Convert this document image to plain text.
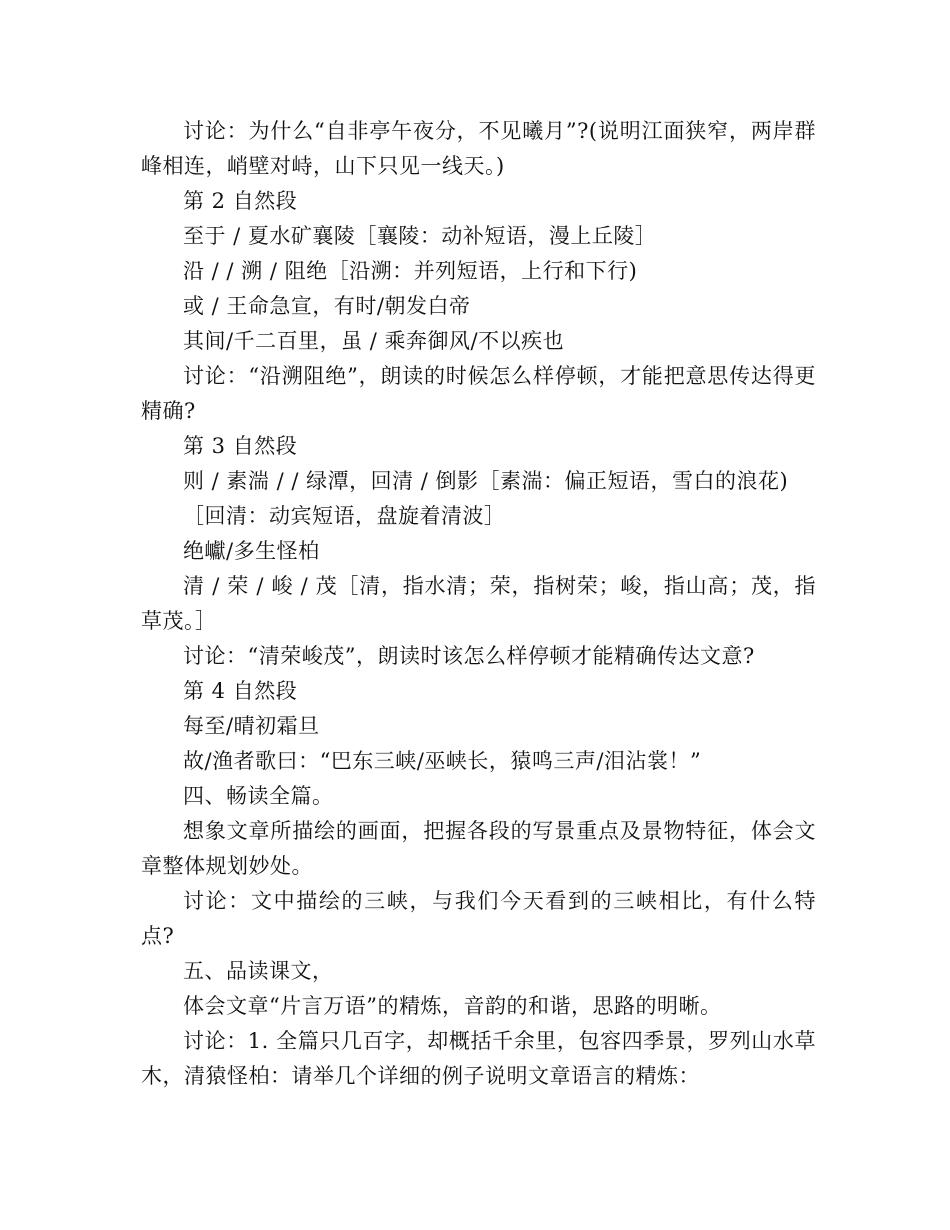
讨论：为什么“自非亭午夜分，不见曦月”?(说明江面狭窄，两岸群峰相连，峭壁对峙，山下只见一线天。)

第 2 自然段

至于 / 夏水矿襄陵［襄陵：动补短语，漫上丘陵］

沿 / / 溯 / 阻绝［沿溯：并列短语，上行和下行)

或 / 王命急宣，有时/朝发白帝

其间/千二百里，虽 / 乘奔御风/不以疾也

讨论：“沿溯阻绝”，朗读的时候怎么样停顿，才能把意思传达得更精确?

第 3 自然段

则 / 素湍 / / 绿潭，回清 / 倒影［素湍：偏正短语，雪白的浪花)

［回清：动宾短语，盘旋着清波］

绝巘/多生怪柏

清 / 荣 / 峻 / 茂［清，指水清；荣，指树荣；峻，指山高；茂，指草茂。］

讨论：“清荣峻茂”，朗读时该怎么样停顿才能精确传达文意?

第 4 自然段

每至/晴初霜旦

故/渔者歌曰：“巴东三峡/巫峡长，猿鸣三声/泪沾裳！”

四、畅读全篇。

想象文章所描绘的画面，把握各段的写景重点及景物特征，体会文章整体规划妙处。

讨论：文中描绘的三峡，与我们今天看到的三峡相比，有什么特点?

五、品读课文，

体会文章“片言万语”的精炼，音韵的和谐，思路的明晰。

讨论：1. 全篇只几百字，却概括千余里，包容四季景，罗列山水草木，清猿怪柏：请举几个详细的例子说明文章语言的精炼：
